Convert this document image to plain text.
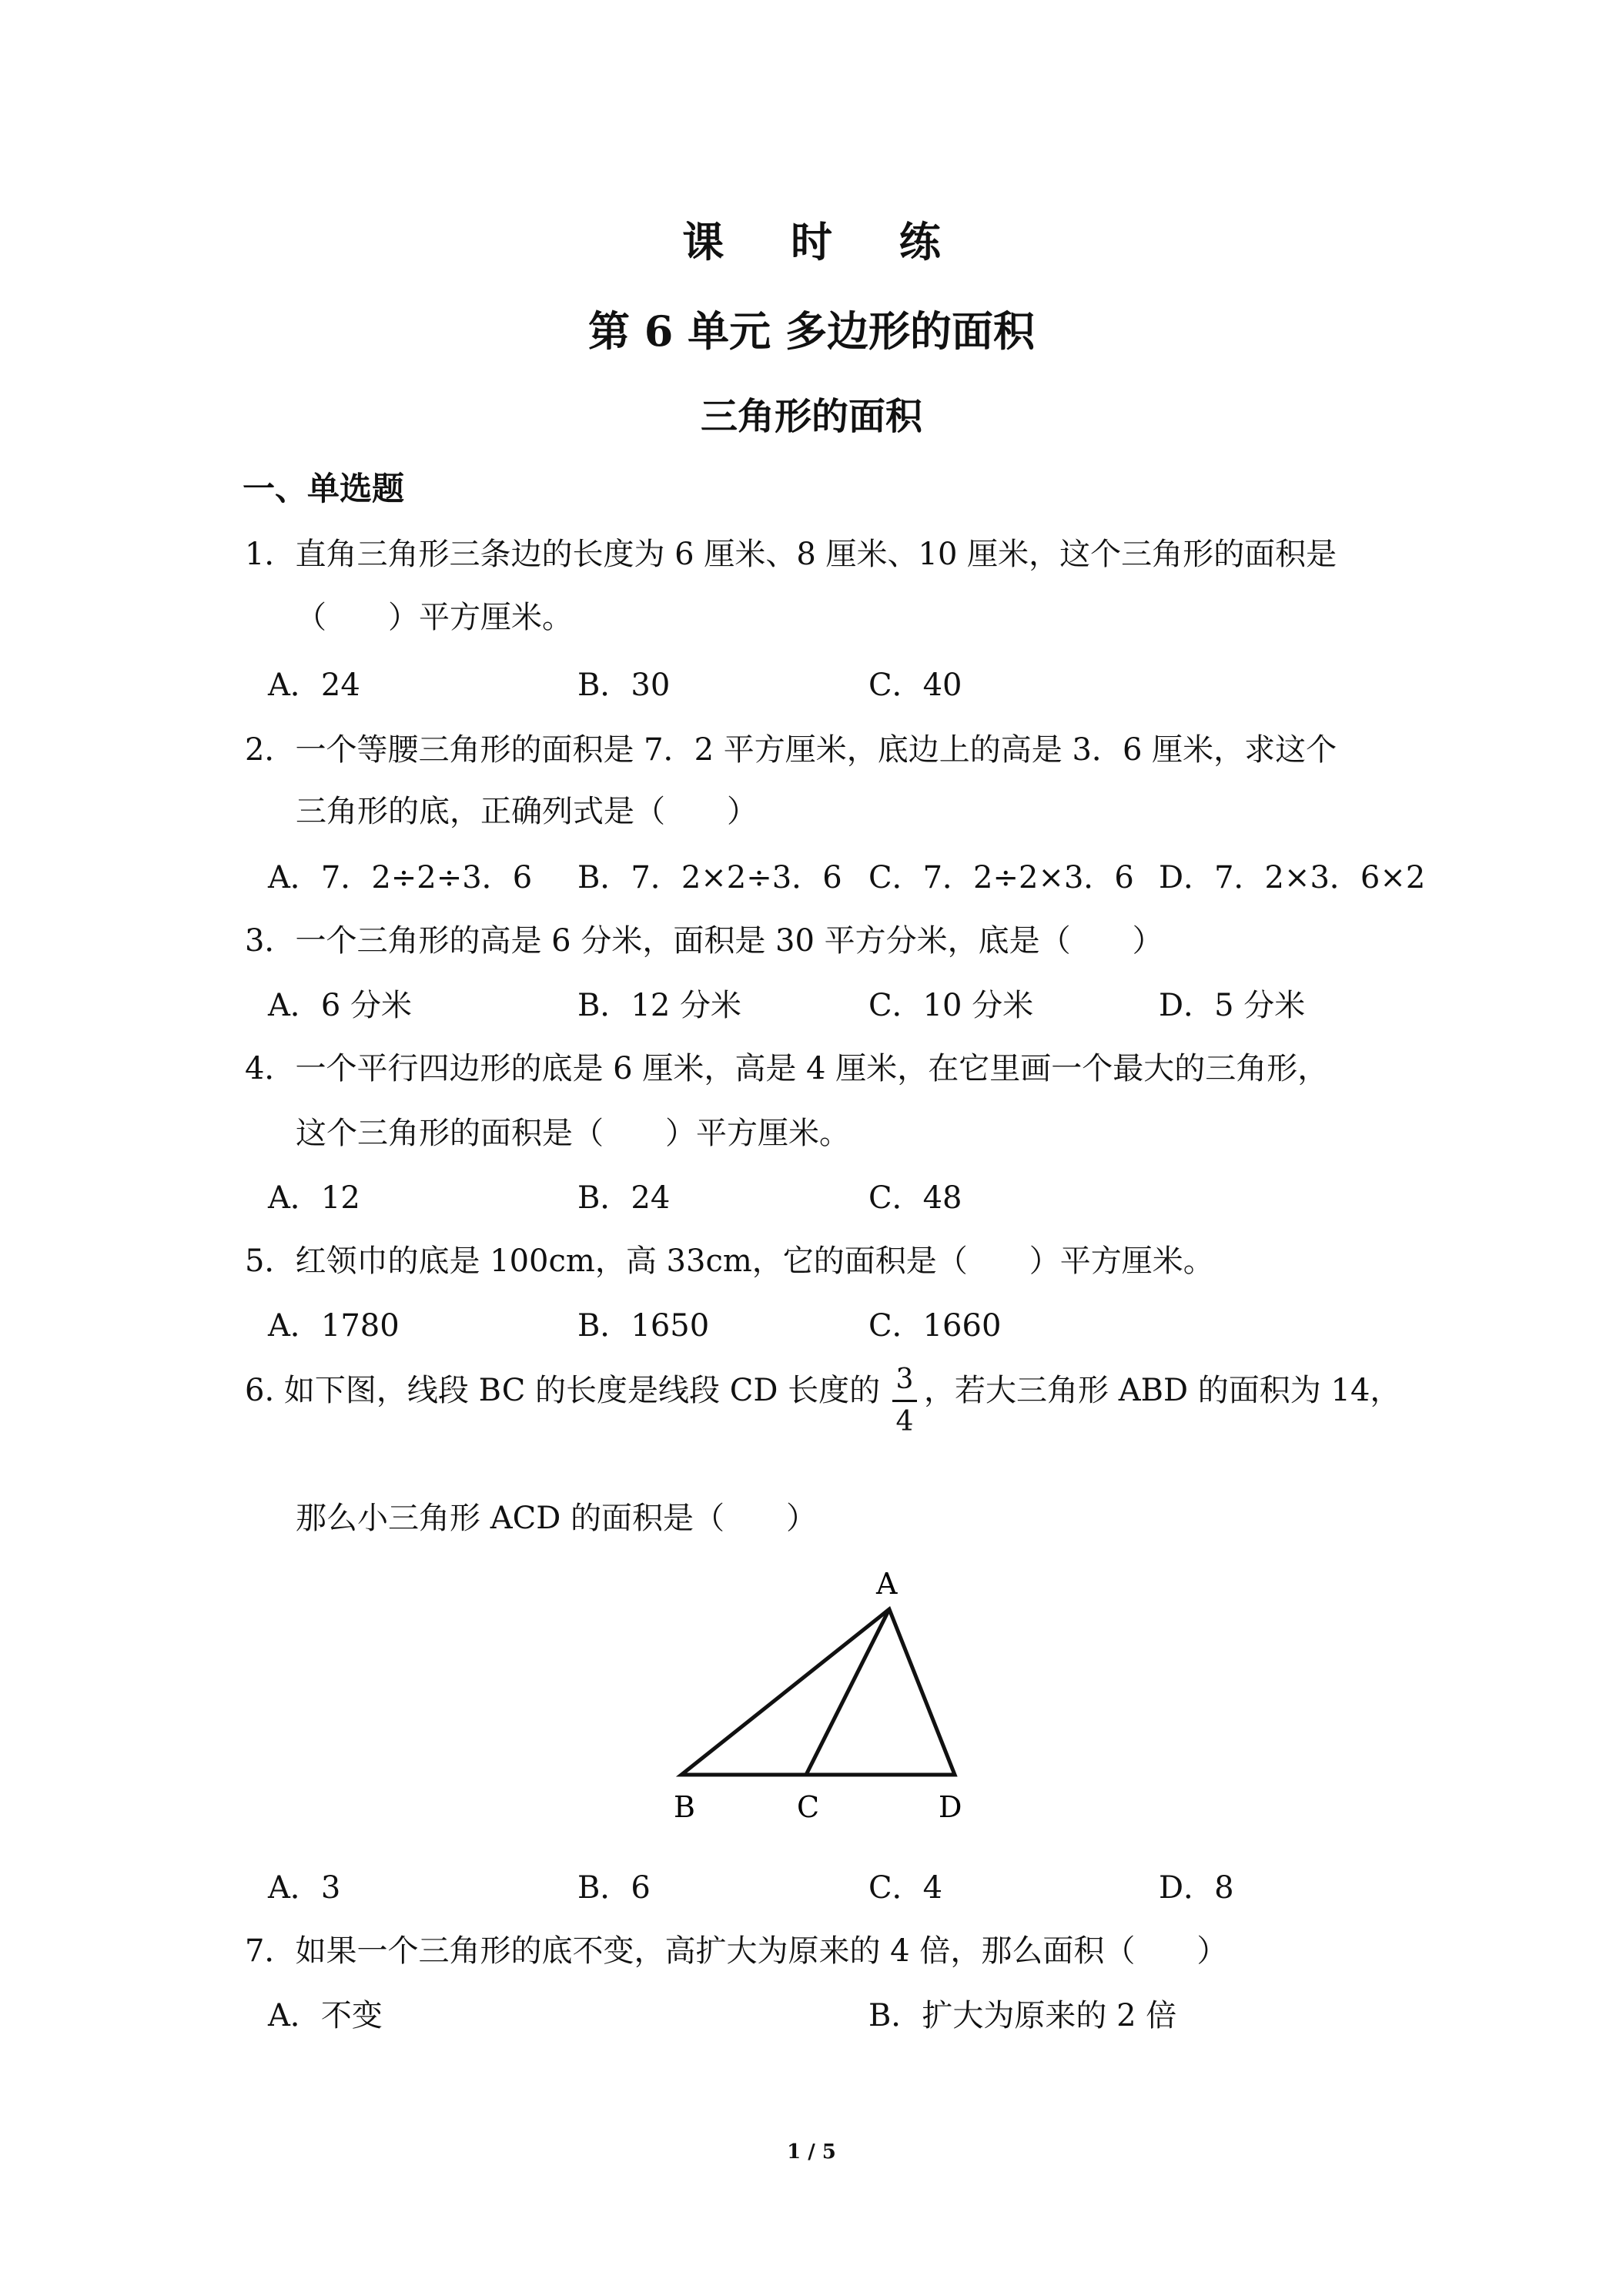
课 时 练
第 6 单元 多边形的面积
三角形的面积
一、单选题
1．直角三角形三条边的长度为 6 厘米、8 厘米、10 厘米，这个三角形的面积是
（　　）平方厘米。
A．24	B．30	C．40
2．一个等腰三角形的面积是 7．2 平方厘米，底边上的高是 3．6 厘米，求这个
三角形的底，正确列式是（　　）
A．7．2÷2÷3．6 B．7．2×2÷3．6 C．7．2÷2×3．6 D．7．2×3．6×2
3．一个三角形的高是 6 分米，面积是 30 平方分米，底是（　　）
A．6 分米	B．12 分米	C．10 分米	D．5 分米
4．一个平行四边形的底是 6 厘米，高是 4 厘米，在它里画一个最大的三角形，
这个三角形的面积是（　　）平方厘米。
A．12	B．24	C．48
5．红领巾的底是 100cm，高 33cm，它的面积是（　　）平方厘米。
A．1780	B．1650	C．1660
6. 如下图，线段 BC 的长度是线段 CD 长度的 3
4
，若大三角形 ABD 的面积为 14，
那么小三角形 ACD 的面积是（　　）
A
B	C	D
A．3	B．6	C．4	D．8
7．如果一个三角形的底不变，高扩大为原来的 4 倍，那么面积（　　）
A．不变	B．扩大为原来的 2 倍
1 / 5
